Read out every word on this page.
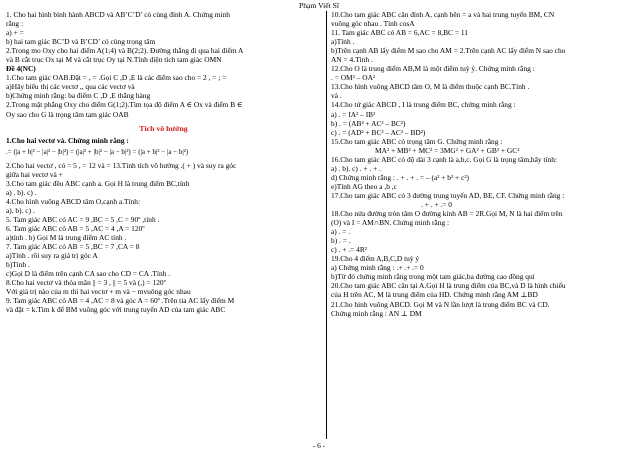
Phạm Viết Sĩ
1. Cho hai hình bình hành ABCD và AB’C’D’ có cùng đỉnh A. Chứng minh
rằng :
a) + =
b) hai tam giác BC’D và B’CD’ có cùng trọng tâm
2.Trong mo Oxy cho hai điểm A(1;4) và B(2;2). Đường thẳng đi qua hai điểm A
và B cắt trục Ox tại M và cắt trục Oy tại N.Tính diện tích tam giác OMN
Đề 4(NC)
1.Cho tam giác OAB.Đặt = , = .Gọi C ,D ,E là các điểm sao cho = 2 , = ; =
a)Hãy biểu thị các vectơ ,, qua các vectơ và
b)Chứng minh rằng: ba điểm C ,D ,E thẳng hàng
2.Trong mặt phẳng Oxy cho điểm G(1;2).Tìm tọa độ điểm A ∈ Ox và điểm B ∈
Oy sao cho G là trọng tâm tam giác OAB
Tích vô hướng
1.Cho hai vectơ và. Chứng minh rằng :
.= (|a + b|² − |a|² − |b|²) = (|a|² + |b|² − |a − b|²) = (|a + b|² − |a − b|²)
2.Cho hai vectơ , có = 5 , = 12 và = 13.Tính tích vô hướng .( + ) và suy ra góc
giữa hai vectơ và +
3.Cho tam giác đều ABC cạnh a. Gọi H là trung điểm BC,tính
a) . b). c) .
4.Cho hình vuông ABCD tâm O,cạnh a.Tính:
a). b). c) .
5. Tam giác ABC có AC = 9 ,BC = 5 ,C = 90º ,tính .
6. Tam giác ABC có AB = 5 ,AC = 4 ,A = 120º
a)tính . b) Gọi M là trung điểm AC tính .
7. Tam giác ABC có AB = 5 ,BC = 7 ,CA = 8
a)Tính . rồi suy ra giá trị góc A
b)Tính .
c)Gọi D là điểm trên cạnh CA sao cho CD = CA .Tính .
8.Cho hai vectơ và thỏa mãn || = 3 , || = 5 và (,) = 120º
Với giá trị nào của m thì hai vectơ + m và − mvuông góc nhau
9. Tam giác ABC có AB = 4 ,AC = 8 và góc A = 60º .Trên tia AC lấy điểm M
và đặt = k.Tìm k để BM vuông góc với trung tuyến AD của tam giác ABC
10.Cho tam giác ABC cân đỉnh A, cạnh bên = a và hai trung tuyến BM, CN
vuông góc nhau . Tính cosA
11. Tam giác ABC có AB = 6,AC = 8,BC = 11
a)Tính .
b)Trên cạnh AB lấy điểm M sao cho AM = 2.Trên cạnh AC lấy điểm N sao cho
AN = 4.Tính .
12.Cho O là trung điểm AB,M là một điểm tuỳ ý. Chứng minh rằng :
. = OM² – OA²
13.Cho hình vuông ABCD tâm O, M là điểm thuộc cạnh BC.Tính .
và .
14.Cho tứ giác ABCD , I là trung điểm BC, chứng minh rằng :
a) . = IA² – IB²
b) . = (AB² + AC² – BC²)
c) . = (AD² + BC² – AC² – BD²)
15.Cho tam giác ABC có trọng tâm G. Chứng minh rằng :
MA² + MB² + MC² = 3MG² + GA² + GB² + GC²
16.Cho tam giác ABC có độ dài 3 cạnh là a,b,c. Gọi G là trọng tâm,hãy tính:
a) . b). c) . + . + .
d) Chứng minh rằng : . + . + . = – (a² + b² + c²)
e)Tính AG theo a ,b ,c
17.Cho tam giác ABC có 3 đường trung tuyến AD, BE, CF. Chứng minh rằng :
. + . + .= 0
18.Cho nửa đường tròn tâm O đường kính AB = 2R.Gọi M, N là hai điểm trên
(O) và I = AM∩BN. Chứng minh rằng :
a) . = .
b) . = .
c) . + .= 4R²
19.Cho 4 điểm A,B,C,D tuỳ ý
a) Chứng minh rằng : .+ .+ .= 0
b)Từ đó chứng minh rằng trong một tam giác,ba đường cao đồng qui
20.Cho tam giác ABC cân tại A.Gọi H là trung điểm của BC,và D là hình chiếu
của H trên AC, M là trung điểm của HD. Chứng minh rằng AM ⊥BD
21.Cho hình vuông ABCD. Gọi M và N lần lượt là trung điểm BC và CD.
Chứng minh rằng : AN ⊥ DM
- 6 -
